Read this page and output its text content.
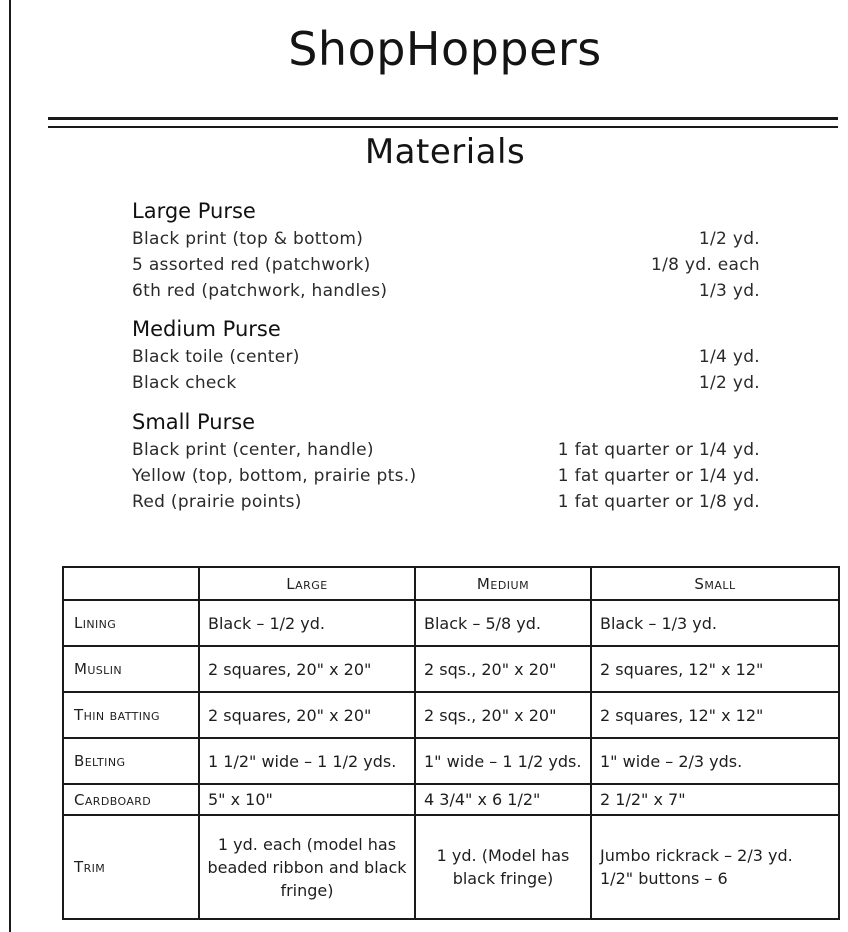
ShopHoppers
Materials
Large Purse
Black print (top & bottom)	1/2 yd.
5 assorted red (patchwork)	1/8 yd. each
6th red (patchwork, handles)	1/3 yd.
Medium Purse
Black toile (center)	1/4 yd.
Black check	1/2 yd.
Small Purse
Black print (center, handle)	1 fat quarter or 1/4 yd.
Yellow (top, bottom, prairie pts.)	1 fat quarter or 1/4 yd.
Red (prairie points)	1 fat quarter or 1/8 yd.
	Large	Medium	Small
Lining	Black – 1/2 yd.	Black – 5/8 yd.	Black – 1/3 yd.
Muslin	2 squares, 20" x 20"	2 sqs., 20" x 20"	2 squares, 12" x 12"
Thin batting	2 squares, 20" x 20"	2 sqs., 20" x 20"	2 squares, 12" x 12"
Belting	1 1/2" wide – 1 1/2 yds.	1" wide – 1 1/2 yds.	1" wide – 2/3 yds.
Cardboard	5" x 10"	4 3/4" x 6 1/2"	2 1/2" x 7"
Trim	1 yd. each (model has beaded ribbon and black fringe)	1 yd. (Model has black fringe)	Jumbo rickrack – 2/3 yd.
1/2" buttons – 6
